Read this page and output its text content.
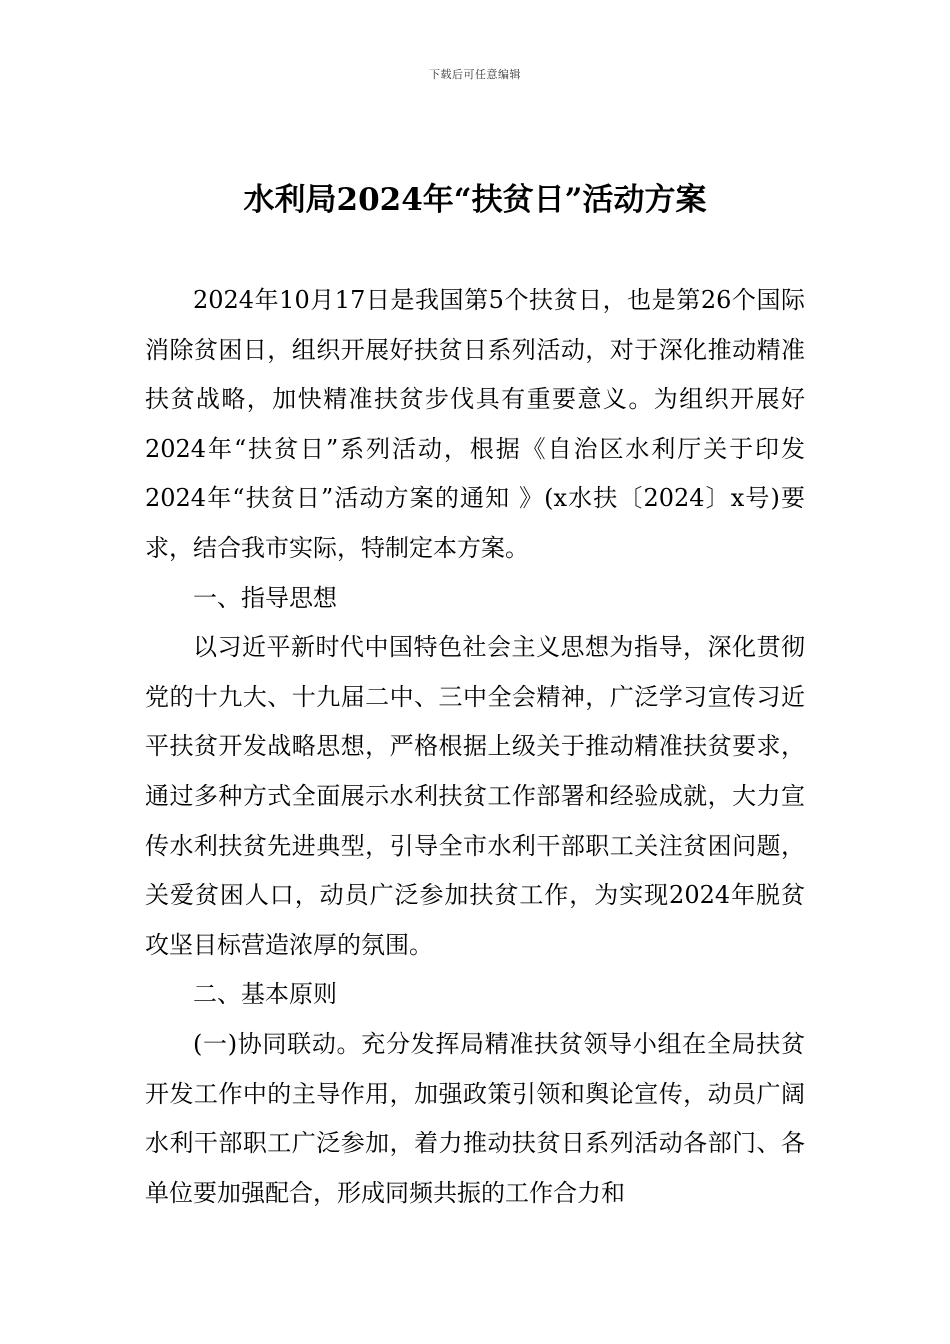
下载后可任意编辑
水利局2024年“扶贫日”活动方案

2024年10月17日是我国第5个扶贫日，也是第26个国际消除贫困日，组织开展好扶贫日系列活动，对于深化推动精准扶贫战略，加快精准扶贫步伐具有重要意义。为组织开展好2024年“扶贫日”系列活动，根据《自治区水利厅关于印发2024年“扶贫日”活动方案的通知 》(x水扶〔2024〕x号)要求，结合我市实际，特制定本方案。

一、指导思想

以习近平新时代中国特色社会主义思想为指导，深化贯彻党的十九大、十九届二中、三中全会精神，广泛学习宣传习近平扶贫开发战略思想，严格根据上级关于推动精准扶贫要求，通过多种方式全面展示水利扶贫工作部署和经验成就，大力宣传水利扶贫先进典型，引导全市水利干部职工关注贫困问题，关爱贫困人口，动员广泛参加扶贫工作，为实现2024年脱贫攻坚目标营造浓厚的氛围。

二、基本原则

(一)协同联动。充分发挥局精准扶贫领导小组在全局扶贫开发工作中的主导作用，加强政策引领和舆论宣传，动员广阔水利干部职工广泛参加，着力推动扶贫日系列活动各部门、各单位要加强配合，形成同频共振的工作合力和
